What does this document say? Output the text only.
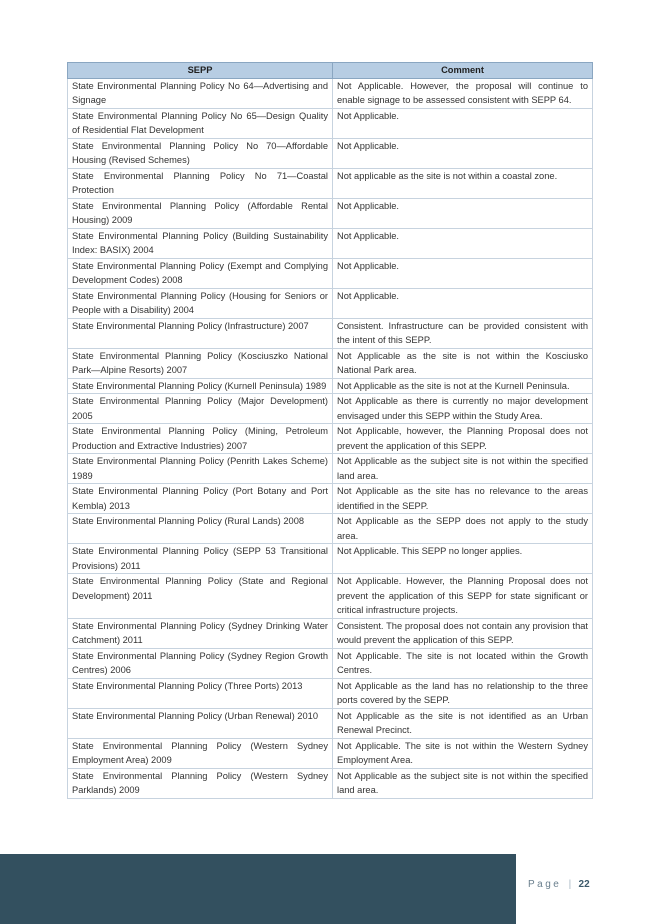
SEPP	Comment
State Environmental Planning Policy No 64—Advertising and Signage	Not Applicable. However, the proposal will continue to enable signage to be assessed consistent with SEPP 64.
State Environmental Planning Policy No 65—Design Quality of Residential Flat Development	Not Applicable.
State Environmental Planning Policy No 70—Affordable Housing (Revised Schemes)	Not Applicable.
State Environmental Planning Policy No 71—Coastal Protection	Not applicable as the site is not within a coastal zone.
State Environmental Planning Policy (Affordable Rental Housing) 2009	Not Applicable.
State Environmental Planning Policy (Building Sustainability Index: BASIX) 2004	Not Applicable.
State Environmental Planning Policy (Exempt and Complying Development Codes) 2008	Not Applicable.
State Environmental Planning Policy (Housing for Seniors or People with a Disability) 2004	Not Applicable.
State Environmental Planning Policy (Infrastructure) 2007	Consistent. Infrastructure can be provided consistent with the intent of this SEPP.
State Environmental Planning Policy (Kosciuszko National Park—Alpine Resorts) 2007	Not Applicable as the site is not within the Kosciusko National Park area.
State Environmental Planning Policy (Kurnell Peninsula) 1989	Not Applicable as the site is not at the Kurnell Peninsula.
State Environmental Planning Policy (Major Development) 2005	Not Applicable as there is currently no major development envisaged under this SEPP within the Study Area.
State Environmental Planning Policy (Mining, Petroleum Production and Extractive Industries) 2007	Not Applicable, however, the Planning Proposal does not prevent the application of this SEPP.
State Environmental Planning Policy (Penrith Lakes Scheme) 1989	Not Applicable as the subject site is not within the specified land area.
State Environmental Planning Policy (Port Botany and Port Kembla) 2013	Not Applicable as the site has no relevance to the areas identified in the SEPP.
State Environmental Planning Policy (Rural Lands) 2008	Not Applicable as the SEPP does not apply to the study area.
State Environmental Planning Policy (SEPP 53 Transitional Provisions) 2011	Not Applicable. This SEPP no longer applies.
State Environmental Planning Policy (State and Regional Development) 2011	Not Applicable. However, the Planning Proposal does not prevent the application of this SEPP for state significant or critical infrastructure projects.
State Environmental Planning Policy (Sydney Drinking Water Catchment) 2011	Consistent. The proposal does not contain any provision that would prevent the application of this SEPP.
State Environmental Planning Policy (Sydney Region Growth Centres) 2006	Not Applicable. The site is not located within the Growth Centres.
State Environmental Planning Policy (Three Ports) 2013	Not Applicable as the land has no relationship to the three ports covered by the SEPP.
State Environmental Planning Policy (Urban Renewal) 2010	Not Applicable as the site is not identified as an Urban Renewal Precinct.
State Environmental Planning Policy (Western Sydney Employment Area) 2009	Not Applicable. The site is not within the Western Sydney Employment Area.
State Environmental Planning Policy (Western Sydney Parklands) 2009	Not Applicable as the subject site is not within the specified land area.
Page | 22
